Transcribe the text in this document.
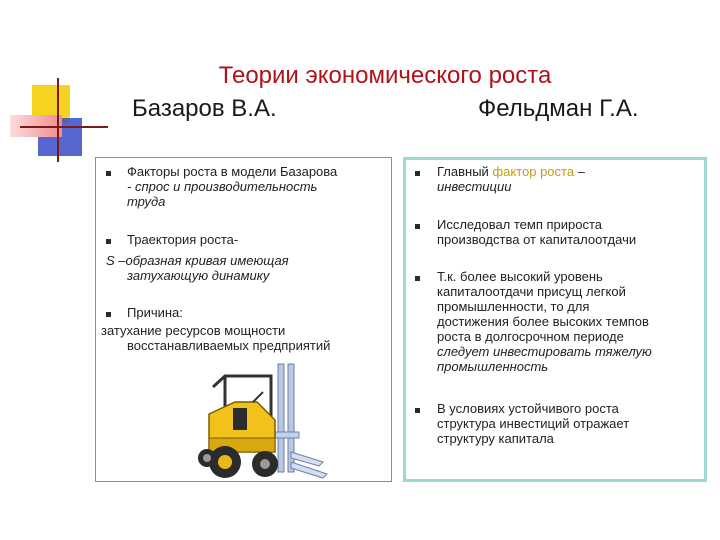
Теории экономического роста
Базаров В.А.	Фельдман Г.А.
Факторы роста в модели Базарова
- спрос и производительность
труда
Траектория роста-
S –образная кривая имеющая
затухающую динамику
Причина:
затухание ресурсов мощности
восстанавливаемых предприятий
Главный фактор роста –
инвестиции
Исследовал темп прироста
производства от капиталоотдачи
Т.к. более высокий уровень
капиталоотдачи присущ легкой
промышленности, то для
достижения более высоких темпов
роста в долгосрочном периоде
следует инвестировать тяжелую
промышленность
В условиях устойчивого роста
структура инвестиций отражает
структуру капитала
